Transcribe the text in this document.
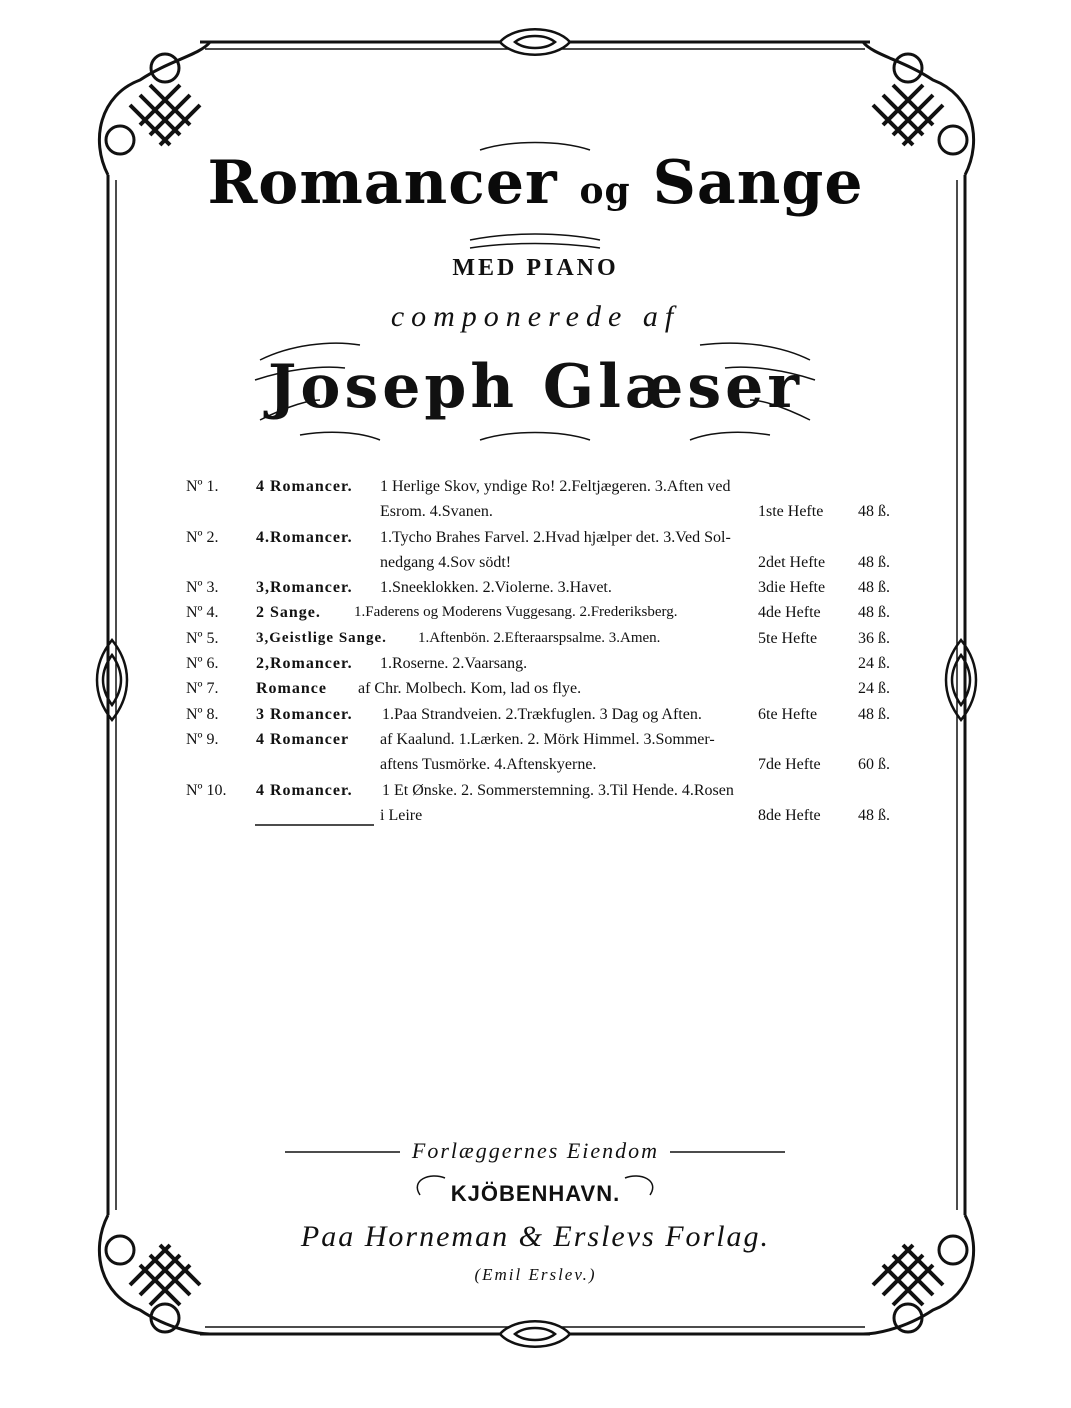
Romancer og Sange
MED PIANO
componerede af
Joseph Glæser
Nº 1. 4 Romancer. 1 Herlige Skov, yndige Ro! 2.Feltjægeren. 3.Aften ved
Esrom. 4.Svanen.	1ste Hefte 48 ß.
Nº 2. 4.Romancer. 1.Tycho Brahes Farvel. 2.Hvad hjælper det. 3.Ved Sol-
nedgang 4.Sov södt!	2det Hefte 48 ß.
Nº 3. 3,Romancer. 1.Sneeklokken. 2.Violerne. 3.Havet.	3die Hefte 48 ß.
Nº 4. 2 Sange. 1.Faderens og Moderens Vuggesang. 2.Frederiksberg.	4de Hefte 48 ß.
Nº 5. 3,Geistlige Sange. 1.Aftenbön. 2.Efteraarspsalme. 3.Amen.	5te Hefte	36 ß.
Nº 6. 2,Romancer. 1.Roserne. 2.Vaarsang.	24 ß.
Nº 7. Romance af Chr. Molbech. Kom, lad os flye.	24 ß.
Nº 8. 3 Romancer. 1.Paa Strandveien. 2.Trækfuglen. 3 Dag og Aften.	6te Hefte	48 ß.
Nº 9. 4 Romancer af Kaalund. 1.Lærken. 2. Mörk Himmel. 3.Sommer-
aftens Tusmörke. 4.Aftenskyerne.	7de Hefte 60 ß.
Nº 10. 4 Romancer. 1 Et Ønske. 2. Sommerstemning. 3.Til Hende. 4.Rosen
i Leire	8de Hefte 48 ß.
Forlæggernes Eiendom
KJÖBENHAVN.
Paa Horneman & Erslevs Forlag.
(Emil Erslev.)
